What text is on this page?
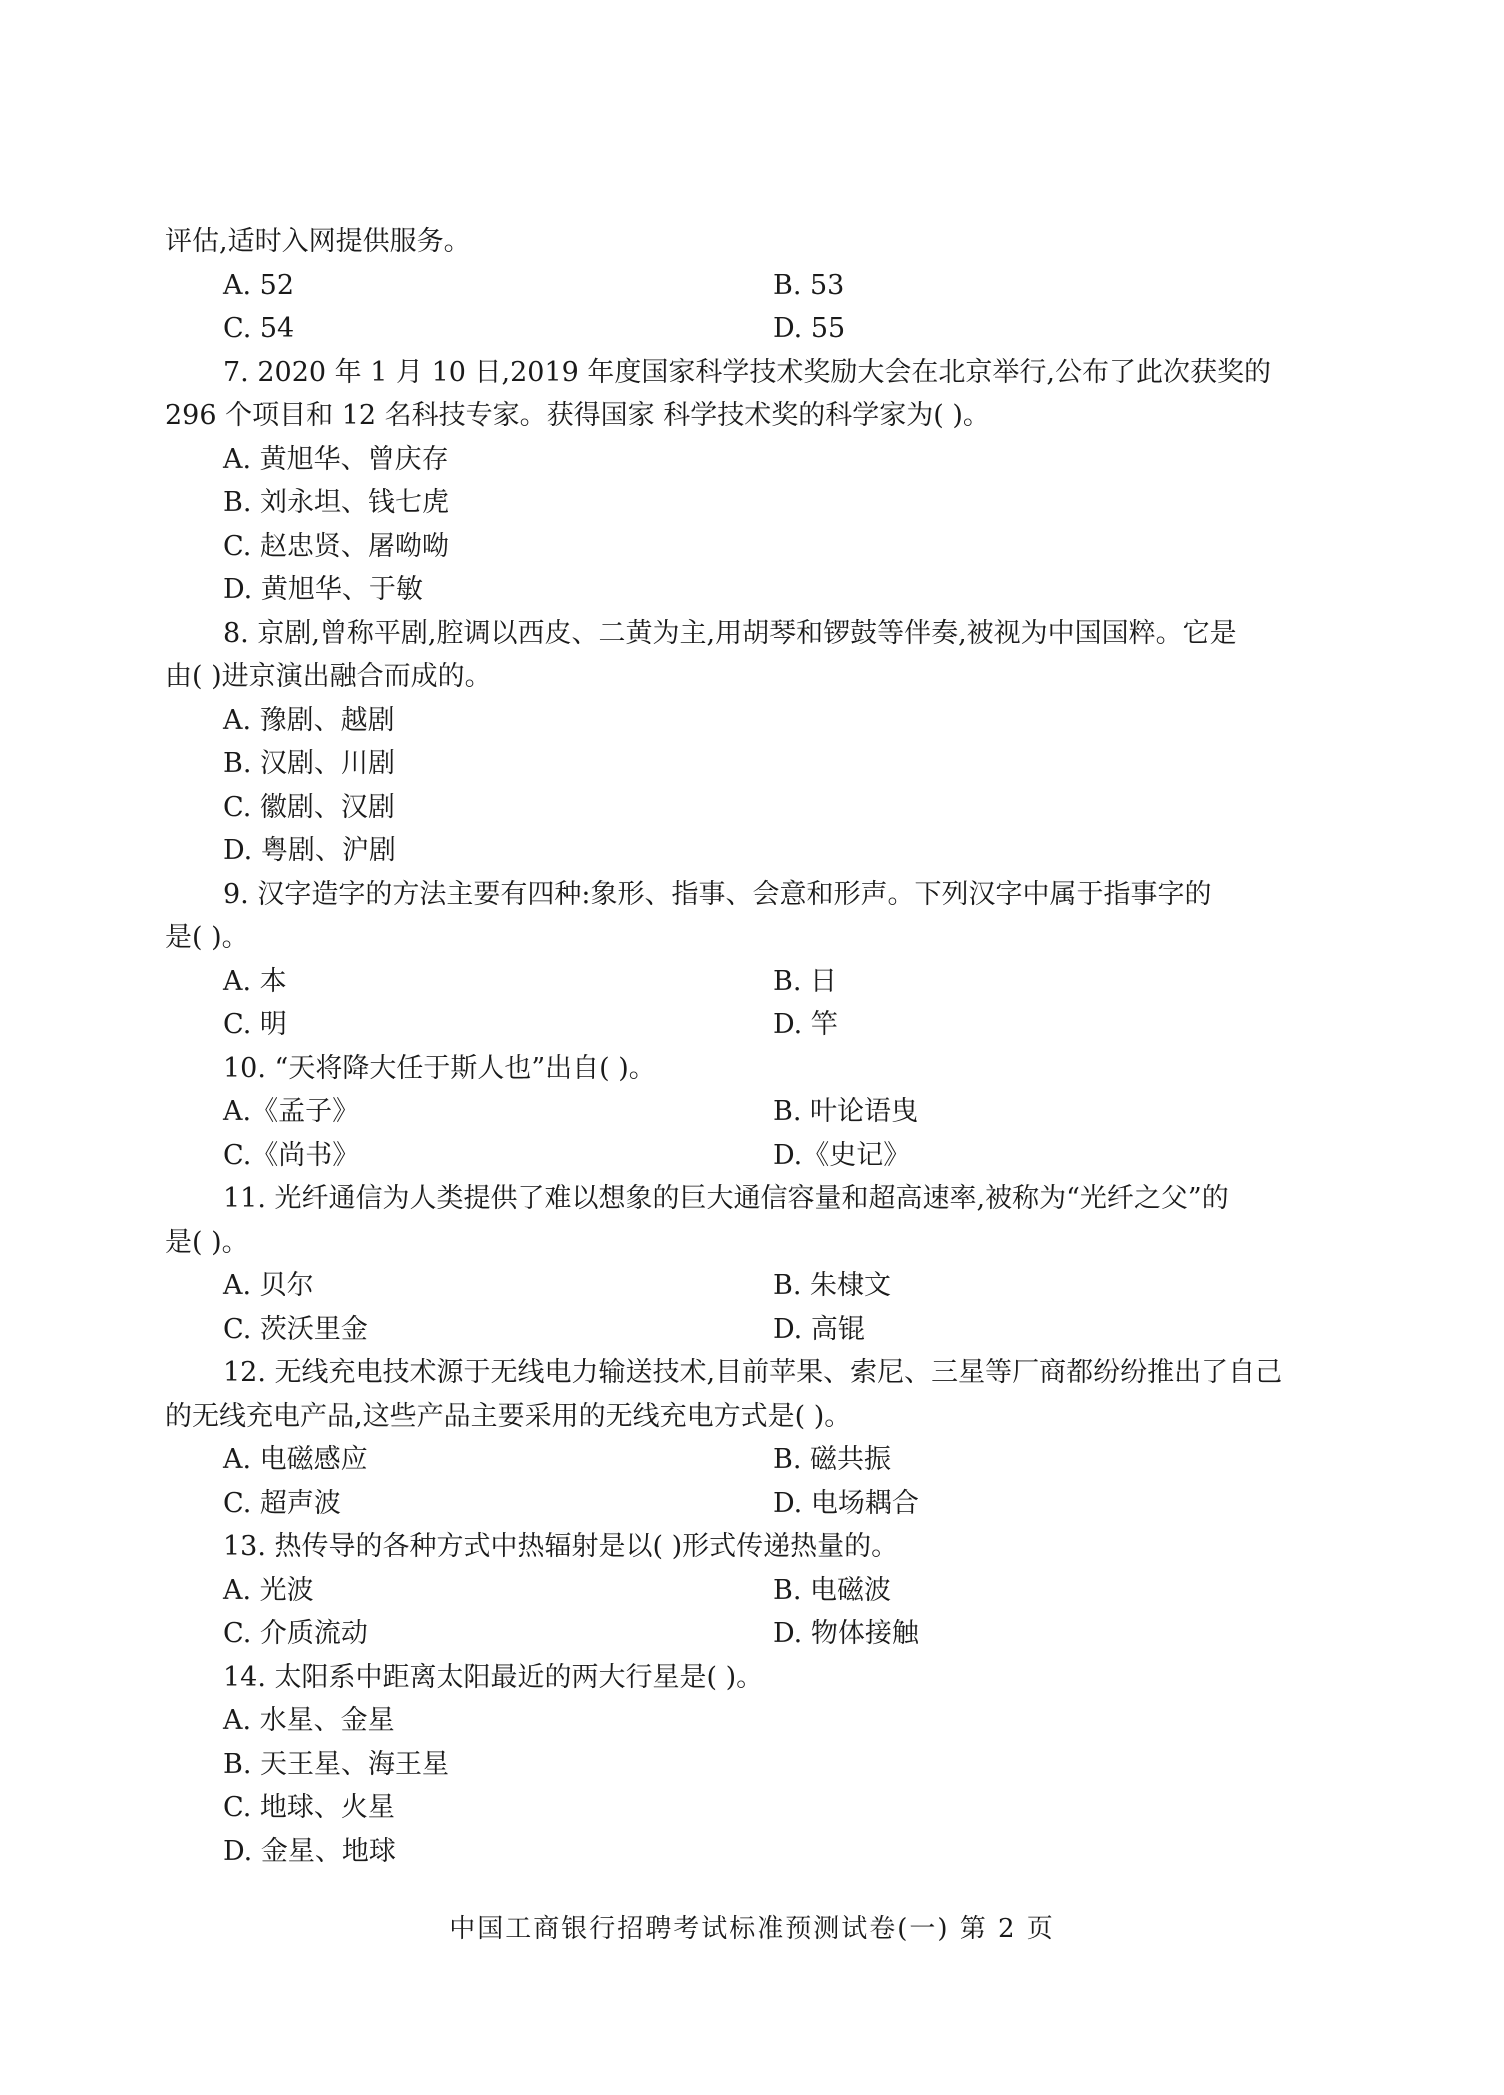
评估,适时入网提供服务。
A. 52	B. 53
C. 54	D. 55
7. 2020 年 1 月 10 日,2019 年度国家科学技术奖励大会在北京举行,公布了此次获奖的
296 个项目和 12 名科技专家。获得国家 科学技术奖的科学家为( )。
A. 黄旭华、曾庆存
B. 刘永坦、钱七虎
C. 赵忠贤、屠呦呦
D. 黄旭华、于敏
8. 京剧,曾称平剧,腔调以西皮、二黄为主,用胡琴和锣鼓等伴奏,被视为中国国粹。它是
由( )进京演出融合而成的。
A. 豫剧、越剧
B. 汉剧、川剧
C. 徽剧、汉剧
D. 粤剧、沪剧
9. 汉字造字的方法主要有四种:象形、指事、会意和形声。下列汉字中属于指事字的
是( )。
A. 本	B. 日
C. 明	D. 竿
10. “天将降大任于斯人也”出自( )。
A.《孟子》	B. 叶论语曳
C.《尚书》	D.《史记》
11. 光纤通信为人类提供了难以想象的巨大通信容量和超高速率,被称为“光纤之父”的
是( )。
A. 贝尔	B. 朱棣文
C. 茨沃里金	D. 高锟
12. 无线充电技术源于无线电力输送技术,目前苹果、索尼、三星等厂商都纷纷推出了自己
的无线充电产品,这些产品主要采用的无线充电方式是( )。
A. 电磁感应	B. 磁共振
C. 超声波	D. 电场耦合
13. 热传导的各种方式中热辐射是以( )形式传递热量的。
A. 光波	B. 电磁波
C. 介质流动	D. 物体接触
14. 太阳系中距离太阳最近的两大行星是( )。
A. 水星、金星
B. 天王星、海王星
C. 地球、火星
D. 金星、地球
中国工商银行招聘考试标准预测试卷(一) 第 2 页
